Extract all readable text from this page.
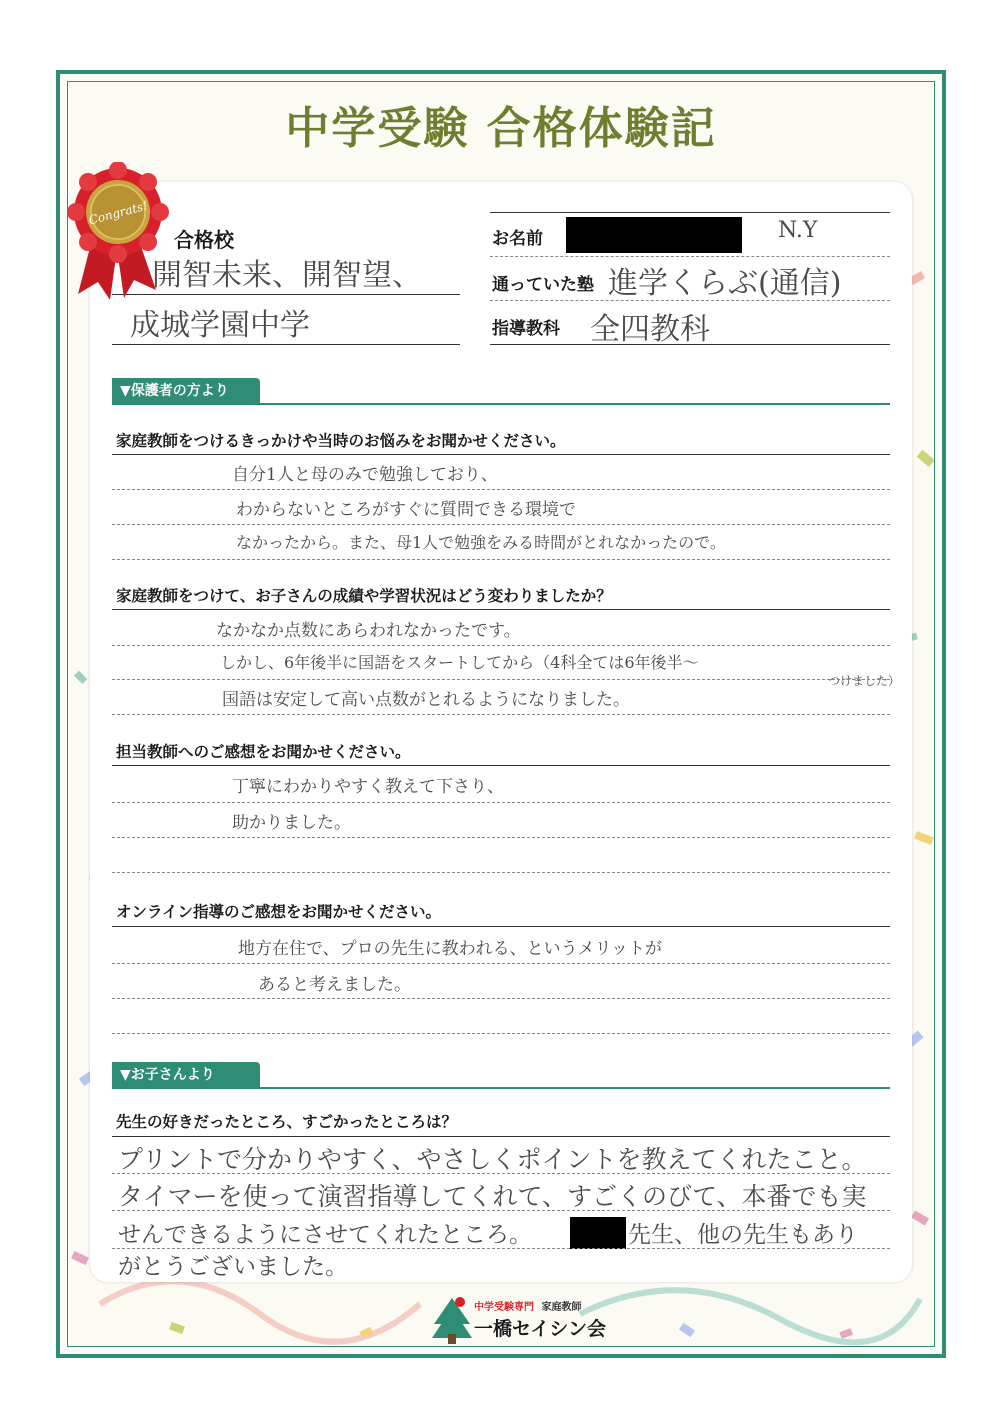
中学受験 合格体験記
合格校
開智未来、開智望、
成城学園中学
お名前	N.Y
通っていた塾 進学くらぶ(通信)
指導教科 全四教科
▼保護者の方より
家庭教師をつけるきっかけや当時のお悩みをお聞かせください。
自分1人と母のみで勉強しており、
わからないところがすぐに質問できる環境で
なかったから。また、母1人で勉強をみる時間がとれなかったので。
家庭教師をつけて、お子さんの成績や学習状況はどう変わりましたか？
なかなか点数にあらわれなかったです。
しかし、6年後半に国語をスタートしてから（4科全ては6年後半～
つけました）
国語は安定して高い点数がとれるようになりました。
担当教師へのご感想をお聞かせください。
丁寧にわかりやすく教えて下さり、
助かりました。
オンライン指導のご感想をお聞かせください。
地方在住で、プロの先生に教われる、というメリットが
あると考えました。
▼お子さんより
先生の好きだったところ、すごかったところは？
プリントで分かりやすく、やさしくポイントを教えてくれたこと。
タイマーを使って演習指導してくれて、すごくのびて、本番でも実
せんできるようにさせてくれたところ。	先生、他の先生もあり
がとうございました。
中学受験専門 家庭教師
一橋セイシン会
Congrats!
